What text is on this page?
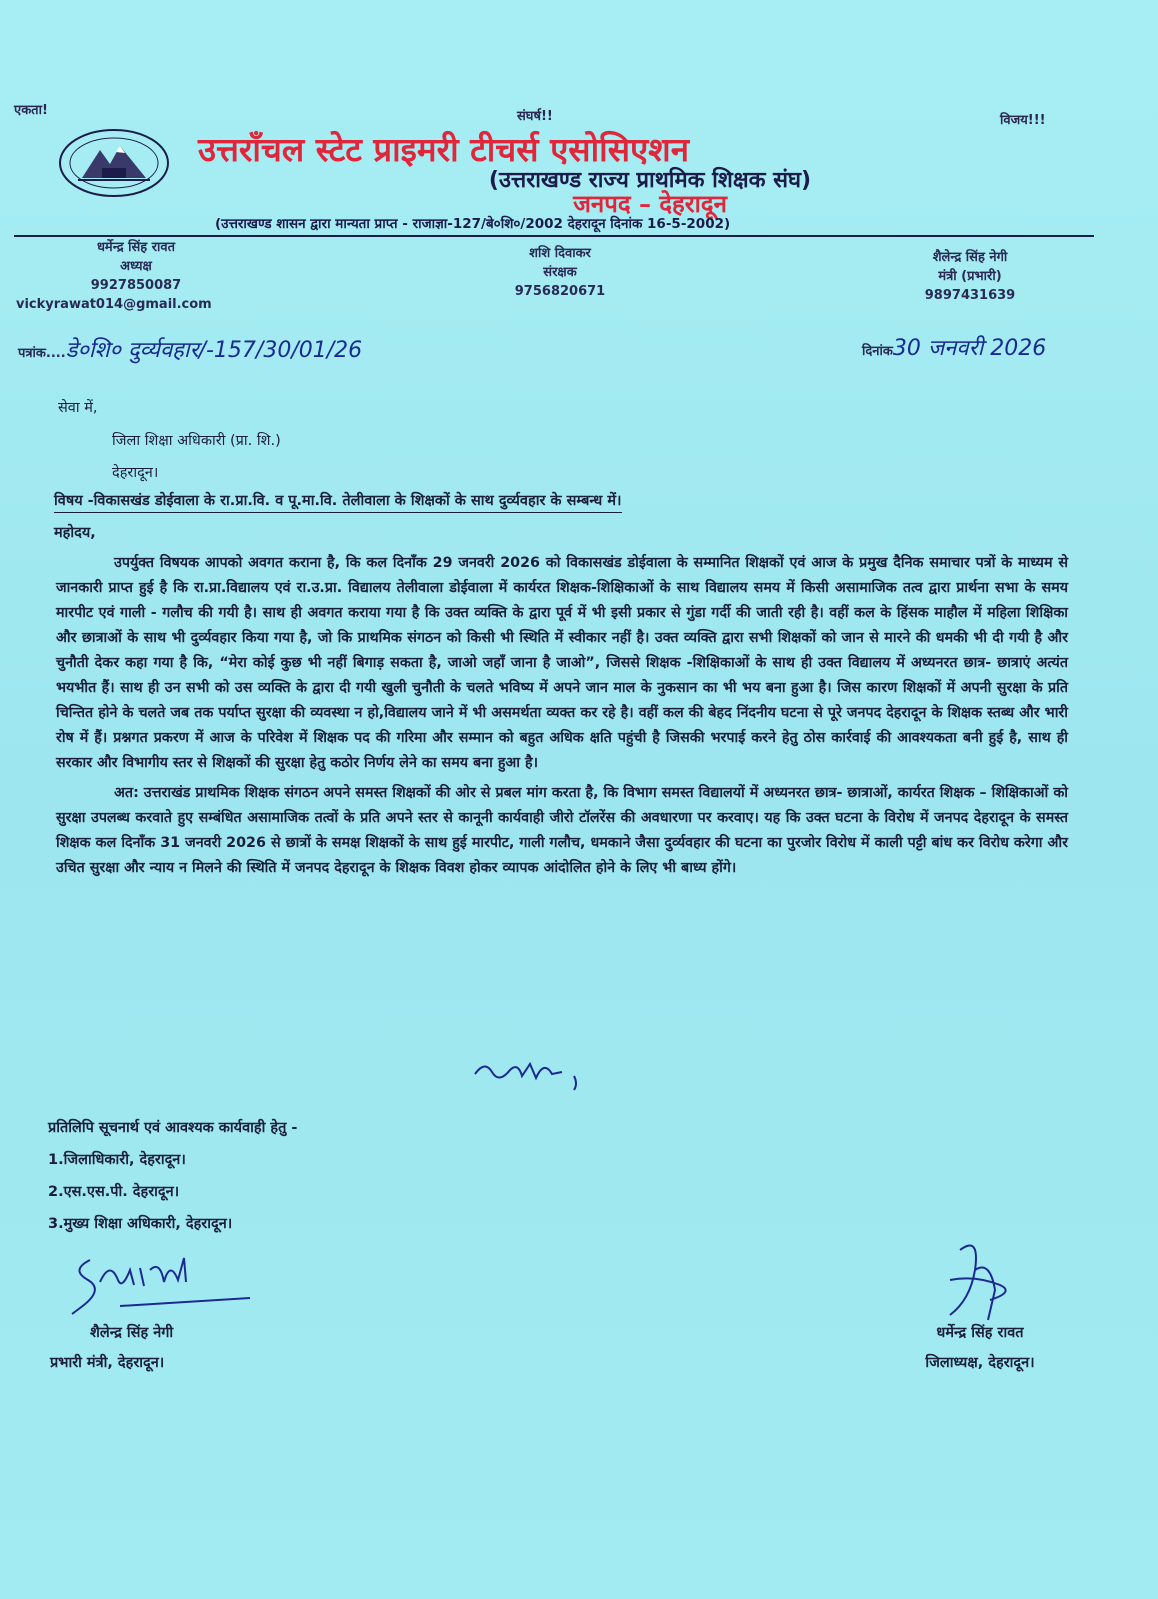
एकता!	संघर्ष!!	विजय!!!
उत्तराँचल स्टेट प्राइमरी टीचर्स एसोसिएशन
(उत्तराखण्ड राज्य प्राथमिक शिक्षक संघ)
जनपद – देहरादून
(उत्तराखण्ड शासन द्वारा मान्यता प्राप्त - राजाज्ञा-127/बे०शि०/2002 देहरादून दिनांक 16-5-2002)
धर्मेन्द्र सिंह रावत
अध्यक्ष
9927850087
vickyrawat014@gmail.com
शशि दिवाकर
संरक्षक
9756820671
शैलेन्द्र सिंह नेगी
मंत्री (प्रभारी)
9897431639
पत्रांक....डे०शि० दुर्व्यवहार/-157/30/01/26	दिनांक30 जनवरी 2026
सेवा में,
जिला शिक्षा अधिकारी (प्रा. शि.)
देहरादून।
विषय -विकासखंड डोईवाला के रा.प्रा.वि. व पू.मा.वि. तेलीवाला के शिक्षकों के साथ दुर्व्यवहार के सम्बन्ध में।
महोदय,

उपर्युक्त विषयक आपको अवगत कराना है, कि कल दिनाँक 29 जनवरी 2026 को विकासखंड डोईवाला के सम्मानित शिक्षकों एवं आज के प्रमुख दैनिक समाचार पत्रों के माध्यम से जानकारी प्राप्त हुई है कि रा.प्रा.विद्यालय एवं रा.उ.प्रा. विद्यालय तेलीवाला डोईवाला में कार्यरत शिक्षक-शिक्षिकाओं के साथ विद्यालय समय में किसी असामाजिक तत्व द्वारा प्रार्थना सभा के समय मारपीट एवं गाली - गलौच की गयी है। साथ ही अवगत कराया गया है कि उक्त व्यक्ति के द्वारा पूर्व में भी इसी प्रकार से गुंडा गर्दी की जाती रही है। वहीं कल के हिंसक माहौल में महिला शिक्षिका और छात्राओं के साथ भी दुर्व्यवहार किया गया है, जो कि प्राथमिक संगठन को किसी भी स्थिति में स्वीकार नहीं है। उक्त व्यक्ति द्वारा सभी शिक्षकों को जान से मारने की धमकी भी दी गयी है और चुनौती देकर कहा गया है कि, “मेरा कोई कुछ भी नहीं बिगाड़ सकता है, जाओ जहाँ जाना है जाओ”, जिससे शिक्षक -शिक्षिकाओं के साथ ही उक्त विद्यालय में अध्यनरत छात्र- छात्राएं अत्यंत भयभीत हैं। साथ ही उन सभी को उस व्यक्ति के द्वारा दी गयी खुली चुनौती के चलते भविष्य में अपने जान माल के नुकसान का भी भय बना हुआ है। जिस कारण शिक्षकों में अपनी सुरक्षा के प्रति चिन्तित होने के चलते जब तक पर्याप्त सुरक्षा की व्यवस्था न हो,विद्यालय जाने में भी असमर्थता व्यक्त कर रहे है। वहीं कल की बेहद निंदनीय घटना से पूरे जनपद देहरादून के शिक्षक स्तब्ध और भारी रोष में हैं। प्रश्नगत प्रकरण में आज के परिवेश में शिक्षक पद की गरिमा और सम्मान को बहुत अधिक क्षति पहुंची है जिसकी भरपाई करने हेतु ठोस कार्रवाई की आवश्यकता बनी हुई है, साथ ही सरकार और विभागीय स्तर से शिक्षकों की सुरक्षा हेतु कठोर निर्णय लेने का समय बना हुआ है।

अत: उत्तराखंड प्राथमिक शिक्षक संगठन अपने समस्त शिक्षकों की ओर से प्रबल मांग करता है, कि विभाग समस्त विद्यालयों में अध्यनरत छात्र- छात्राओं, कार्यरत शिक्षक – शिक्षिकाओं को सुरक्षा उपलब्ध करवाते हुए सम्बंधित असामाजिक तत्वों के प्रति अपने स्तर से कानूनी कार्यवाही जीरो टॉलरेंस की अवधारणा पर करवाए। यह कि उक्त घटना के विरोध में जनपद देहरादून के समस्त शिक्षक कल दिनाँक 31 जनवरी 2026 से छात्रों के समक्ष शिक्षकों के साथ हुई मारपीट, गाली गलौच, धमकाने जैसा दुर्व्यवहार की घटना का पुरजोर विरोध में काली पट्टी बांध कर विरोध करेगा और उचित सुरक्षा और न्याय न मिलने की स्थिति में जनपद देहरादून के शिक्षक विवश होकर व्यापक आंदोलित होने के लिए भी बाध्य होंगे।

प्रतिलिपि सूचनार्थ एवं आवश्यक कार्यवाही हेतु -
1.जिलाधिकारी, देहरादून।
2.एस.एस.पी. देहरादून।
3.मुख्य शिक्षा अधिकारी, देहरादून।
शैलेन्द्र सिंह नेगी
प्रभारी मंत्री, देहरादून।
धर्मेन्द्र सिंह रावत
जिलाध्यक्ष, देहरादून।
